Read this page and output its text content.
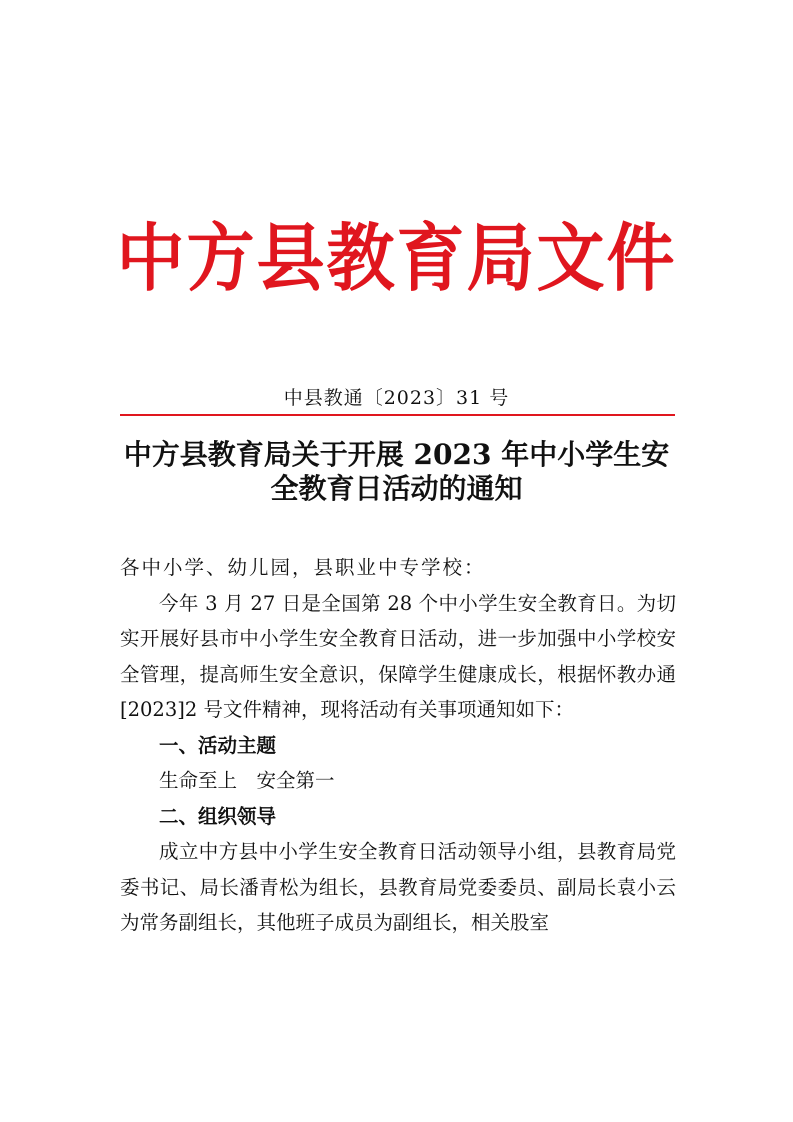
中方县教育局文件
中县教通〔2023〕31 号
中方县教育局关于开展 2023 年中小学生安
全教育日活动的通知

各中小学、幼儿园，县职业中专学校：

今年 3 月 27 日是全国第 28 个中小学生安全教育日。为切实开展好县市中小学生安全教育日活动，进一步加强中小学校安全管理，提高师生安全意识，保障学生健康成长，根据怀教办通[2023]2 号文件精神，现将活动有关事项通知如下：

一、活动主题

生命至上　安全第一

二、组织领导

成立中方县中小学生安全教育日活动领导小组，县教育局党委书记、局长潘青松为组长，县教育局党委委员、副局长袁小云为常务副组长，其他班子成员为副组长，相关股室
